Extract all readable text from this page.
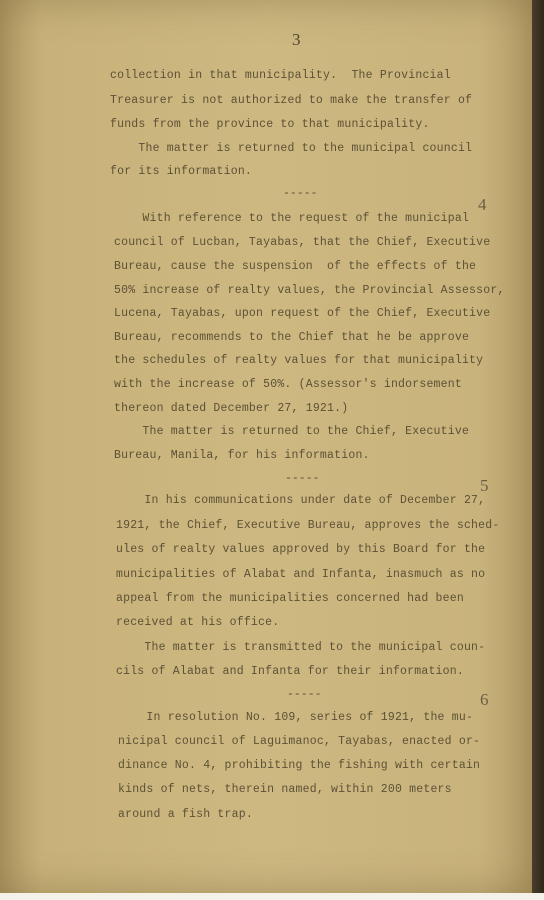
3
collection in that municipality.  The Provincial
Treasurer is not authorized to make the transfer of
funds from the province to that municipality.
The matter is returned to the municipal council
for its information.
-----
4
With reference to the request of the municipal
council of Lucban, Tayabas, that the Chief, Executive
Bureau, cause the suspension  of the effects of the
50% increase of realty values, the Provincial Assessor,
Lucena, Tayabas, upon request of the Chief, Executive
Bureau, recommends to the Chief that he be approve
the schedules of realty values for that municipality
with the increase of 50%. (Assessor's indorsement
thereon dated December 27, 1921.)
The matter is returned to the Chief, Executive
Bureau, Manila, for his information.
-----	5
In his communications under date of December 27,
1921, the Chief, Executive Bureau, approves the sched-
ules of realty values approved by this Board for the
municipalities of Alabat and Infanta, inasmuch as no
appeal from the municipalities concerned had been
received at his office.
The matter is transmitted to the municipal coun-
cils of Alabat and Infanta for their information.
-----	6
In resolution No. 109, series of 1921, the mu-
nicipal council of Laguimanoc, Tayabas, enacted or-
dinance No. 4, prohibiting the fishing with certain
kinds of nets, therein named, within 200 meters
around a fish trap.
